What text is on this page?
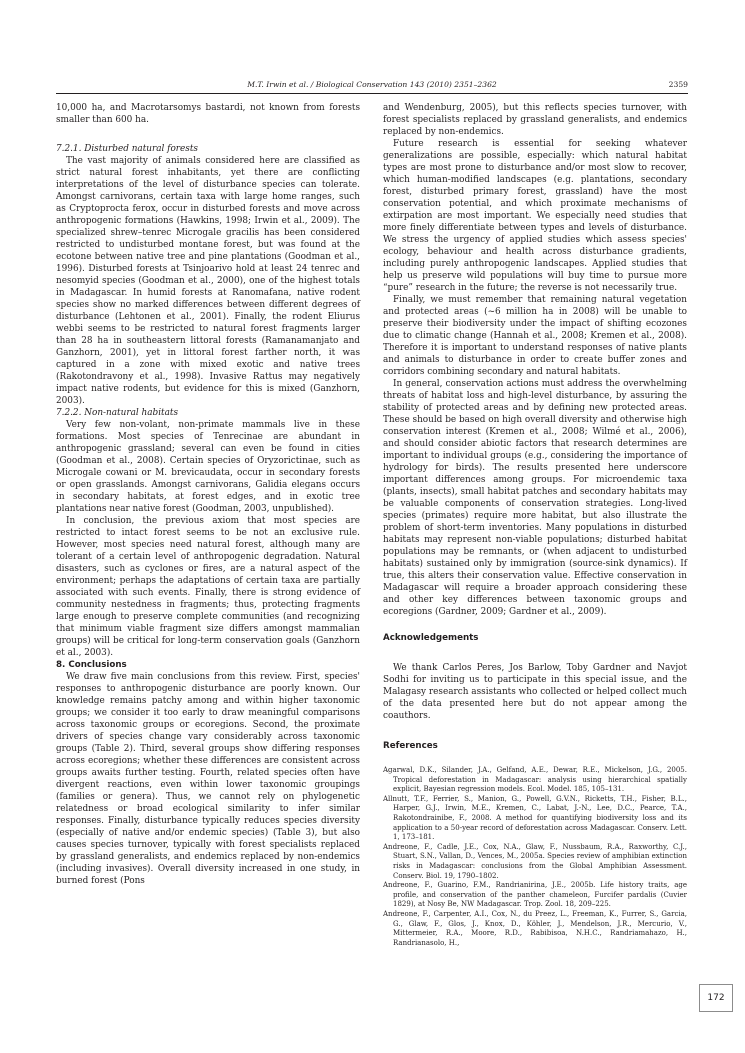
M.T. Irwin et al. / Biological Conservation 143 (2010) 2351–2362	2359

10,000 ha, and Macrotarsomys bastardi, not known from forests smaller than 600 ha.

7.2.1. Disturbed natural forests

The vast majority of animals considered here are classified as strict natural forest inhabitants, yet there are conflicting interpretations of the level of disturbance species can tolerate. Amongst carnivorans, certain taxa with large home ranges, such as Cryptoprocta ferox, occur in disturbed forests and move across anthropogenic formations (Hawkins, 1998; Irwin et al., 2009). The specialized shrew–tenrec Microgale gracilis has been considered restricted to undisturbed montane forest, but was found at the ecotone between native tree and pine plantations (Goodman et al., 1996). Disturbed forests at Tsinjoarivo hold at least 24 tenrec and nesomyid species (Goodman et al., 2000), one of the highest totals in Madagascar. In humid forests at Ranomafana, native rodent species show no marked differences between different degrees of disturbance (Lehtonen et al., 2001). Finally, the rodent Eliurus webbi seems to be restricted to natural forest fragments larger than 28 ha in southeastern littoral forests (Ramanamanjato and Ganzhorn, 2001), yet in littoral forest farther north, it was captured in a zone with mixed exotic and native trees (Rakotondravony et al., 1998). Invasive Rattus may negatively impact native rodents, but evidence for this is mixed (Ganzhorn, 2003).

7.2.2. Non-natural habitats

Very few non-volant, non-primate mammals live in these formations. Most species of Tenrecinae are abundant in anthropogenic grassland; several can even be found in cities (Goodman et al., 2008). Certain species of Oryzorictinae, such as Microgale cowani or M. brevicaudata, occur in secondary forests or open grasslands. Amongst carnivorans, Galidia elegans occurs in secondary habitats, at forest edges, and in exotic tree plantations near native forest (Goodman, 2003, unpublished).

In conclusion, the previous axiom that most species are restricted to intact forest seems to be not an exclusive rule. However, most species need natural forest, although many are tolerant of a certain level of anthropogenic degradation. Natural disasters, such as cyclones or fires, are a natural aspect of the environment; perhaps the adaptations of certain taxa are partially associated with such events. Finally, there is strong evidence of community nestedness in fragments; thus, protecting fragments large enough to preserve complete communities (and recognizing that minimum viable fragment size differs amongst mammalian groups) will be critical for long-term conservation goals (Ganzhorn et al., 2003).

8. Conclusions

We draw five main conclusions from this review. First, species' responses to anthropogenic disturbance are poorly known. Our knowledge remains patchy among and within higher taxonomic groups; we consider it too early to draw meaningful comparisons across taxonomic groups or ecoregions. Second, the proximate drivers of species change vary considerably across taxonomic groups (Table 2). Third, several groups show differing responses across ecoregions; whether these differences are consistent across groups awaits further testing. Fourth, related species often have divergent reactions, even within lower taxonomic groupings (families or genera). Thus, we cannot rely on phylogenetic relatedness or broad ecological similarity to infer similar responses. Finally, disturbance typically reduces species diversity (especially of native and/or endemic species) (Table 3), but also causes species turnover, typically with forest specialists replaced by grassland generalists, and endemics replaced by non-endemics (including invasives). Overall diversity increased in one study, in burned forest (Pons

and Wendenburg, 2005), but this reflects species turnover, with forest specialists replaced by grassland generalists, and endemics replaced by non-endemics.

Future research is essential for seeking whatever generalizations are possible, especially: which natural habitat types are most prone to disturbance and/or most slow to recover, which human-modified landscapes (e.g. plantations, secondary forest, disturbed primary forest, grassland) have the most conservation potential, and which proximate mechanisms of extirpation are most important. We especially need studies that more finely differentiate between types and levels of disturbance. We stress the urgency of applied studies which assess species' ecology, behaviour and health across disturbance gradients, including purely anthropogenic landscapes. Applied studies that help us preserve wild populations will buy time to pursue more “pure” research in the future; the reverse is not necessarily true.

Finally, we must remember that remaining natural vegetation and protected areas (~6 million ha in 2008) will be unable to preserve their biodiversity under the impact of shifting ecozones due to climatic change (Hannah et al., 2008; Kremen et al., 2008). Therefore it is important to understand responses of native plants and animals to disturbance in order to create buffer zones and corridors combining secondary and natural habitats.

In general, conservation actions must address the overwhelming threats of habitat loss and high-level disturbance, by assuring the stability of protected areas and by defining new protected areas. These should be based on high overall diversity and otherwise high conservation interest (Kremen et al., 2008; Wilmé et al., 2006), and should consider abiotic factors that research determines are important to individual groups (e.g., considering the importance of hydrology for birds). The results presented here underscore important differences among groups. For microendemic taxa (plants, insects), small habitat patches and secondary habitats may be valuable components of conservation strategies. Long-lived species (primates) require more habitat, but also illustrate the problem of short-term inventories. Many populations in disturbed habitats may represent non-viable populations; disturbed habitat populations may be remnants, or (when adjacent to undisturbed habitats) sustained only by immigration (source-sink dynamics). If true, this alters their conservation value. Effective conservation in Madagascar will require a broader approach considering these and other key differences between taxonomic groups and ecoregions (Gardner, 2009; Gardner et al., 2009).

Acknowledgements

We thank Carlos Peres, Jos Barlow, Toby Gardner and Navjot Sodhi for inviting us to participate in this special issue, and the Malagasy research assistants who collected or helped collect much of the data presented here but do not appear among the coauthors.

References

Agarwal, D.K., Silander, J.A., Gelfand, A.E., Dewar, R.E., Mickelson, J.G., 2005. Tropical deforestation in Madagascar: analysis using hierarchical spatially explicit, Bayesian regression models. Ecol. Model. 185, 105–131.

Allnutt, T.F., Ferrier, S., Manion, G., Powell, G.V.N., Ricketts, T.H., Fisher, B.L., Harper, G.J., Irwin, M.E., Kremen, C., Labat, J.-N., Lee, D.C., Pearce, T.A., Rakotondrainibe, F., 2008. A method for quantifying biodiversity loss and its application to a 50-year record of deforestation across Madagascar. Conserv. Lett. 1, 173–181.

Andreone, F., Cadle, J.E., Cox, N.A., Glaw, F., Nussbaum, R.A., Raxworthy, C.J., Stuart, S.N., Vallan, D., Vences, M., 2005a. Species review of amphibian extinction risks in Madagascar: conclusions from the Global Amphibian Assessment. Conserv. Biol. 19, 1790–1802.

Andreone, F., Guarino, F.M., Randrianirina, J.E., 2005b. Life history traits, age profile, and conservation of the panther chameleon, Furcifer pardalis (Cuvier 1829), at Nosy Be, NW Madagascar. Trop. Zool. 18, 209–225.

Andreone, F., Carpenter, A.I., Cox, N., du Preez, L., Freeman, K., Furrer, S., Garcia, G., Glaw, F., Glos, J., Knox, D., Köhler, J., Mendelson, J.R., Mercurio, V., Mittermeier, R.A., Moore, R.D., Rabibisoa, N.H.C., Randriamahazo, H., Randrianasolo, H.,

172
